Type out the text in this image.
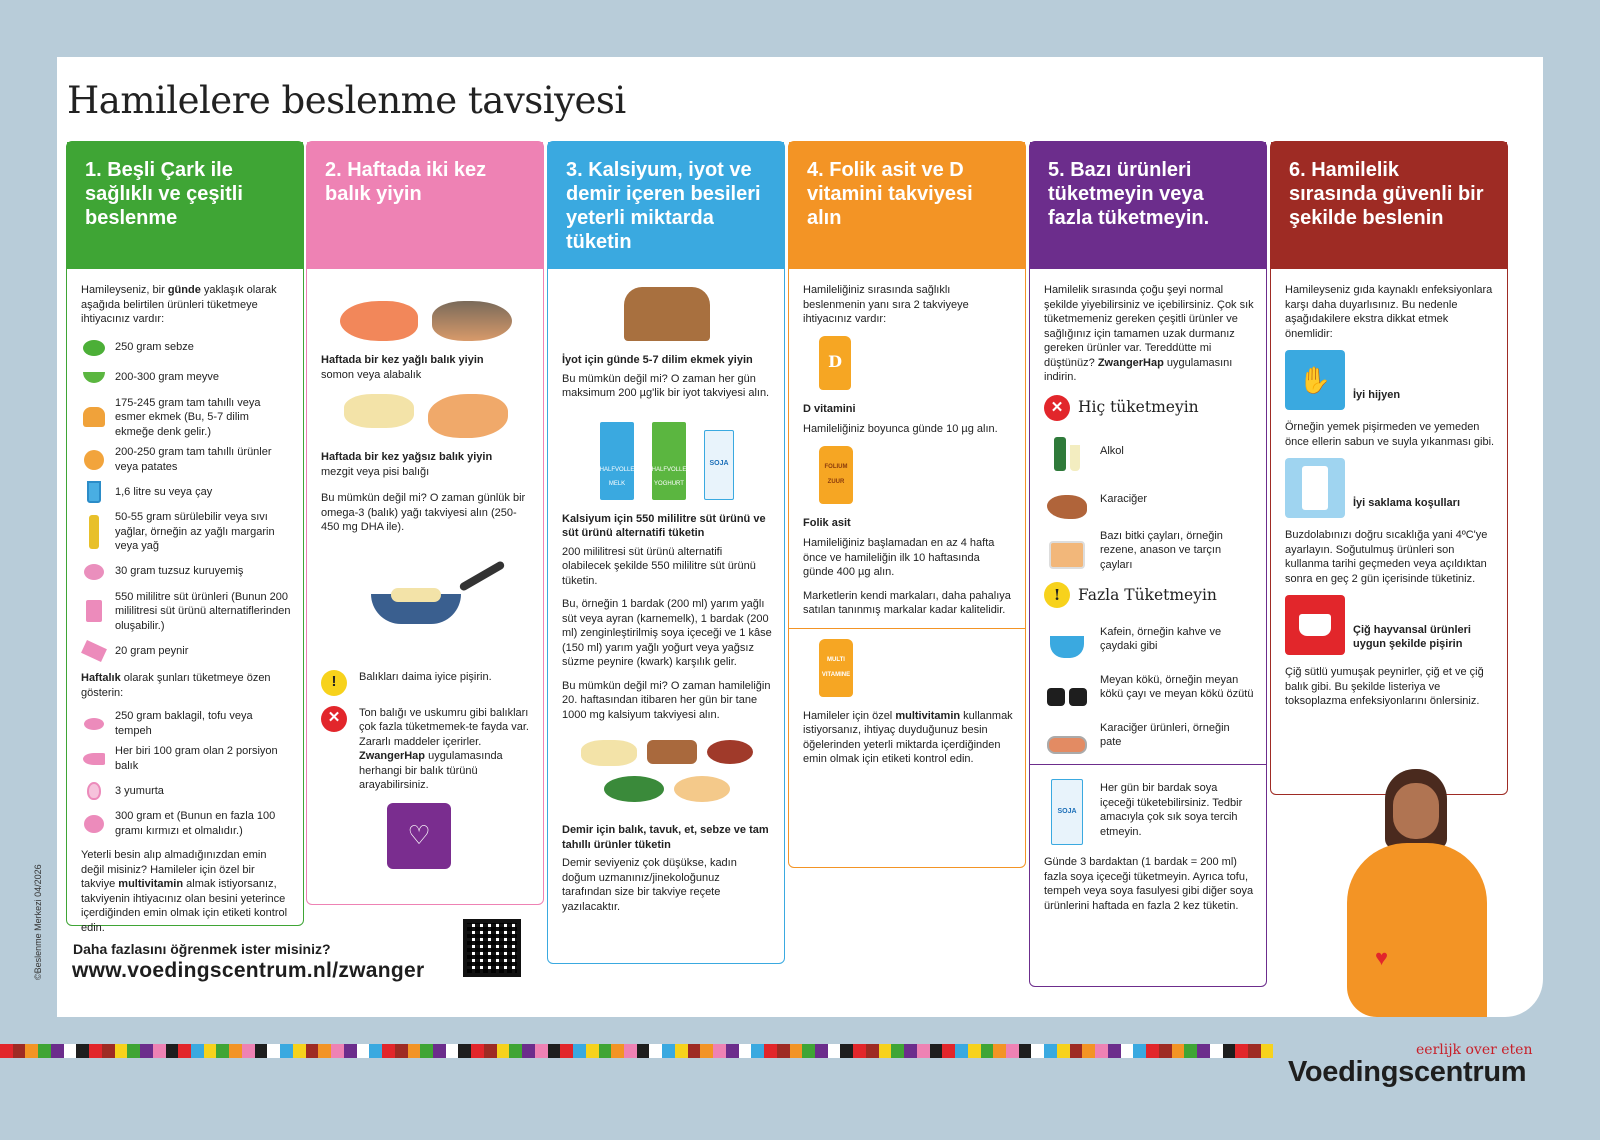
Hamilelere beslenme tavsiyesi
1. Beşli Çark ile sağlıklı ve çeşitli beslenme

Hamileyseniz, bir günde yaklaşık olarak aşağıda belirtilen ürünleri tüketmeye ihtiyacınız vardır:

250 gram sebze
200-300 gram meyve
175-245 gram tam tahıllı veya esmer ekmek (Bu, 5-7 dilim ekmeğe denk gelir.)
200-250 gram tam tahıllı ürünler veya patates
1,6 litre su veya çay
50-55 gram sürülebilir veya sıvı yağlar, örneğin az yağlı margarin veya yağ
30 gram tuzsuz kuruyemiş
550 mililitre süt ürünleri (Bunun 200 mililitresi süt ürünü alternatiflerinden oluşabilir.)
20 gram peynir

Haftalık olarak şunları tüketmeye özen gösterin:

250 gram baklagil, tofu veya tempeh
Her biri 100 gram olan 2 porsiyon balık
3 yumurta
300 gram et (Bunun en fazla 100 gramı kırmızı et olmalıdır.)

Yeterli besin alıp almadığınızdan emin değil misiniz? Hamileler için özel bir takviye multivitamin almak istiyorsanız, takviyenin ihtiyacınız olan besini yeterince içerdiğinden emin olmak için etiketi kontrol edin.

2. Haftada iki kez balık yiyin

Haftada bir kez yağlı balık yiyin
somon veya alabalık

Haftada bir kez yağsız balık yiyin
mezgit veya pisi balığı

Bu mümkün değil mi? O zaman günlük bir omega-3 (balık) yağı takviyesi alın (250-450 mg DHA ile).

!	Balıkları daima iyice pişirin.
✕	Ton balığı ve uskumru gibi balıkları çok fazla tüketmemek-te fayda var. Zararlı maddeler içerirler. ZwangerHap uygulamasında herhangi bir balık türünü arayabilirsiniz.
♡
3. Kalsiyum, iyot ve demir içeren besileri yeterli miktarda tüketin

İyot için günde 5-7 dilim ekmek yiyin

Bu mümkün değil mi? O zaman her gün maksimum 200 µg'lik bir iyot takviyesi alın.

HALFVOLLE MELK
HALFVOLLE YOGHURT
SOJA

Kalsiyum için 550 mililitre süt ürünü ve süt ürünü alternatifi tüketin

200 mililitresi süt ürünü alternatifi olabilecek şekilde 550 mililitre süt ürünü tüketin.

Bu, örneğin 1 bardak (200 ml) yarım yağlı süt veya ayran (karnemelk), 1 bardak (200 ml) zenginleştirilmiş soya içeceği ve 1 kâse (150 ml) yarım yağlı yoğurt veya yağsız süzme peynire (kwark) karşılık gelir.

Bu mümkün değil mi? O zaman hamileliğin 20. haftasından itibaren her gün bir tane 1000 mg kalsiyum takviyesi alın.

Demir için balık, tavuk, et, sebze ve tam tahıllı ürünler tüketin

Demir seviyeniz çok düşükse, kadın doğum uzmanınız/jinekoloğunuz tarafından size bir takviye reçete yazılacaktır.

4. Folik asit ve D vitamini takviyesi alın

Hamileliğiniz sırasında sağlıklı beslenmenin yanı sıra 2 takviyeye ihtiyacınız vardır:

D

D vitamini

Hamileliğiniz boyunca günde 10 µg alın.

FOLIUM ZUUR

Folik asit

Hamileliğiniz başlamadan en az 4 hafta önce ve hamileliğin ilk 10 haftasında günde 400 µg alın.

Marketlerin kendi markaları, daha pahalıya satılan tanınmış markalar kadar kalitelidir.

MULTI VITAMINE

Hamileler için özel multivitamin kullanmak istiyorsanız, ihtiyaç duyduğunuz besin öğelerinden yeterli miktarda içerdiğinden emin olmak için etiketi kontrol edin.

5. Bazı ürünleri tüketmeyin veya fazla tüketmeyin.

Hamilelik sırasında çoğu şeyi normal şekilde yiyebilirsiniz ve içebilirsiniz. Çok sık tüketmemeniz gereken çeşitli ürünler ve sağlığınız için tamamen uzak durmanız gereken ürünler var. Tereddütte mi düştünüz? ZwangerHap uygulamasını indirin.

✕ Hiç tüketmeyin
Alkol
Karaciğer
Bazı bitki çayları, örneğin rezene, anason ve tarçın çayları
!	Fazla Tüketmeyin
Kafein, örneğin kahve ve çaydaki gibi
Meyan kökü, örneğin meyan kökü çayı ve meyan kökü özütü
Karaciğer ürünleri, örneğin pate
SOJA
Her gün bir bardak soya içeceği tüketebilirsiniz. Tedbir amacıyla çok sık soya tercih etmeyin.

Günde 3 bardaktan (1 bardak = 200 ml) fazla soya içeceği tüketmeyin. Ayrıca tofu, tempeh veya soya fasulyesi gibi diğer soya ürünlerini haftada en fazla 2 kez tüketin.

6. Hamilelik sırasında güvenli bir şekilde beslenin

Hamileyseniz gıda kaynaklı enfeksiyonlara karşı daha duyarlısınız. Bu nedenle aşağıdakilere ekstra dikkat etmek önemlidir:

✋	İyi hijyen

Örneğin yemek pişirmeden ve yemeden önce ellerin sabun ve suyla yıkanması gibi.

İyi saklama koşulları

Buzdolabınızı doğru sıcaklığa yani 4ºC'ye ayarlayın. Soğutulmuş ürünleri son kullanma tarihi geçmeden veya açıldıktan sonra en geç 2 gün içerisinde tüketiniz.

Çiğ hayvansal ürünleri uygun şekilde pişirin

Çiğ sütlü yumuşak peynirler, çiğ et ve çiğ balık gibi. Bu şekilde listeriya ve toksoplazma enfeksiyonlarını önlersiniz.

♥
Daha fazlasını öğrenmek ister misiniz?
www.voedingscentrum.nl/zwanger
©Beslenme Merkezi 04/2026
eerlijk over eten
Voedingscentrum
